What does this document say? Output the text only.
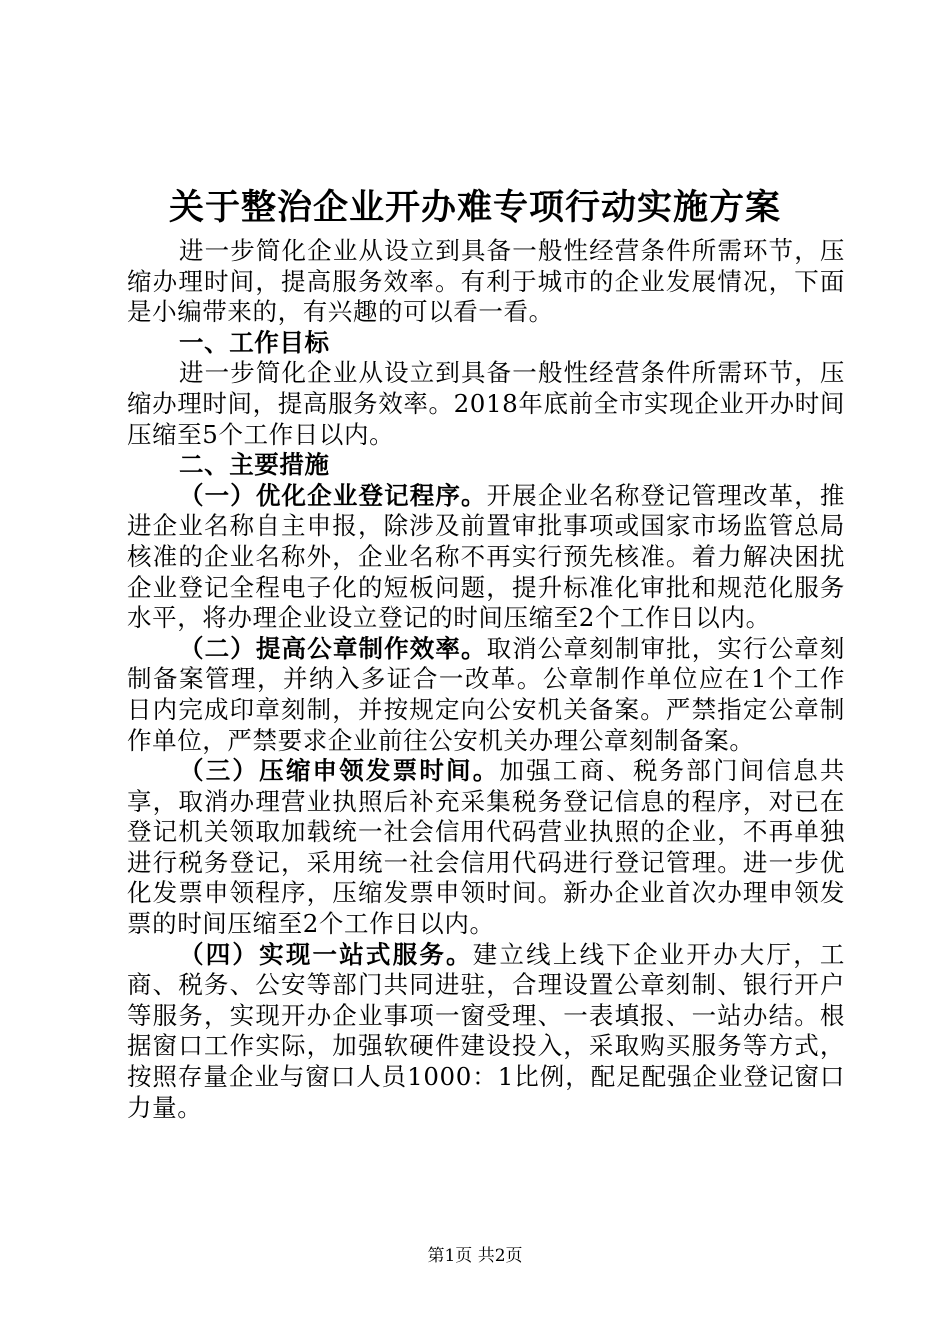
关于整治企业开办难专项行动实施方案

进一步简化企业从设立到具备一般性经营条件所需环节，压缩办理时间，提高服务效率。有利于城市的企业发展情况，下面是小编带来的，有兴趣的可以看一看。

一、工作目标

进一步简化企业从设立到具备一般性经营条件所需环节，压缩办理时间，提高服务效率。2018年底前全市实现企业开办时间压缩至5个工作日以内。

二、主要措施

（一）优化企业登记程序。开展企业名称登记管理改革，推进企业名称自主申报，除涉及前置审批事项或国家市场监管总局核准的企业名称外，企业名称不再实行预先核准。着力解决困扰企业登记全程电子化的短板问题，提升标准化审批和规范化服务水平，将办理企业设立登记的时间压缩至2个工作日以内。

（二）提高公章制作效率。取消公章刻制审批，实行公章刻制备案管理，并纳入多证合一改革。公章制作单位应在1个工作日内完成印章刻制，并按规定向公安机关备案。严禁指定公章制作单位，严禁要求企业前往公安机关办理公章刻制备案。

（三）压缩申领发票时间。加强工商、税务部门间信息共享，取消办理营业执照后补充采集税务登记信息的程序，对已在登记机关领取加载统一社会信用代码营业执照的企业，不再单独进行税务登记，采用统一社会信用代码进行登记管理。进一步优化发票申领程序，压缩发票申领时间。新办企业首次办理申领发票的时间压缩至2个工作日以内。

（四）实现一站式服务。建立线上线下企业开办大厅，工商、税务、公安等部门共同进驻，合理设置公章刻制、银行开户等服务，实现开办企业事项一窗受理、一表填报、一站办结。根据窗口工作实际，加强软硬件建设投入，采取购买服务等方式，按照存量企业与窗口人员1000：1比例，配足配强企业登记窗口力量。

第1页 共2页
